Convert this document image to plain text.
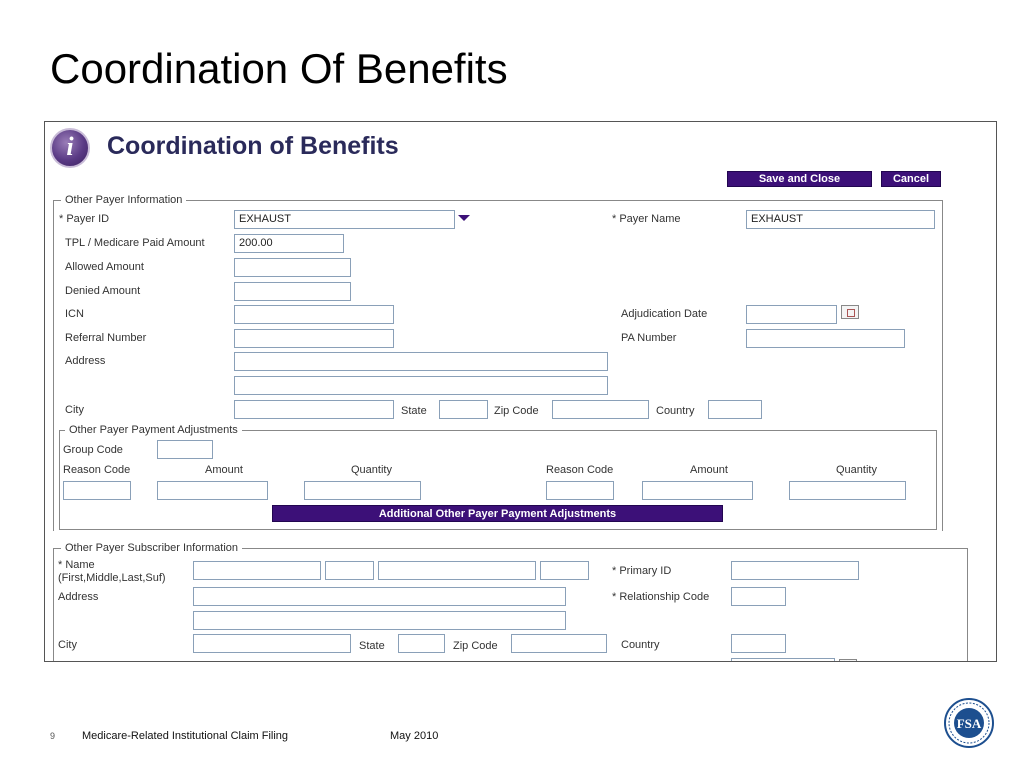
Coordination Of Benefits
i	Coordination of Benefits
Save and Close	Cancel
Other Payer Information
* Payer ID	EXHAUST	* Payer Name	EXHAUST
TPL / Medicare Paid Amount	200.00
Allowed Amount
Denied Amount
ICN	Adjudication Date
Referral Number	PA Number
Address
City	State	Zip Code	Country
Other Payer Payment Adjustments
Group Code
Reason Code	Amount	Quantity	Reason Code	Amount	Quantity
Additional Other Payer Payment Adjustments
Other Payer Subscriber Information
* Name
(First,Middle,Last,Suf)
* Primary ID
Address	* Relationship Code
City	State	Zip Code	Country
9 Medicare-Related Institutional Claim Filing	May 2010
FSA
